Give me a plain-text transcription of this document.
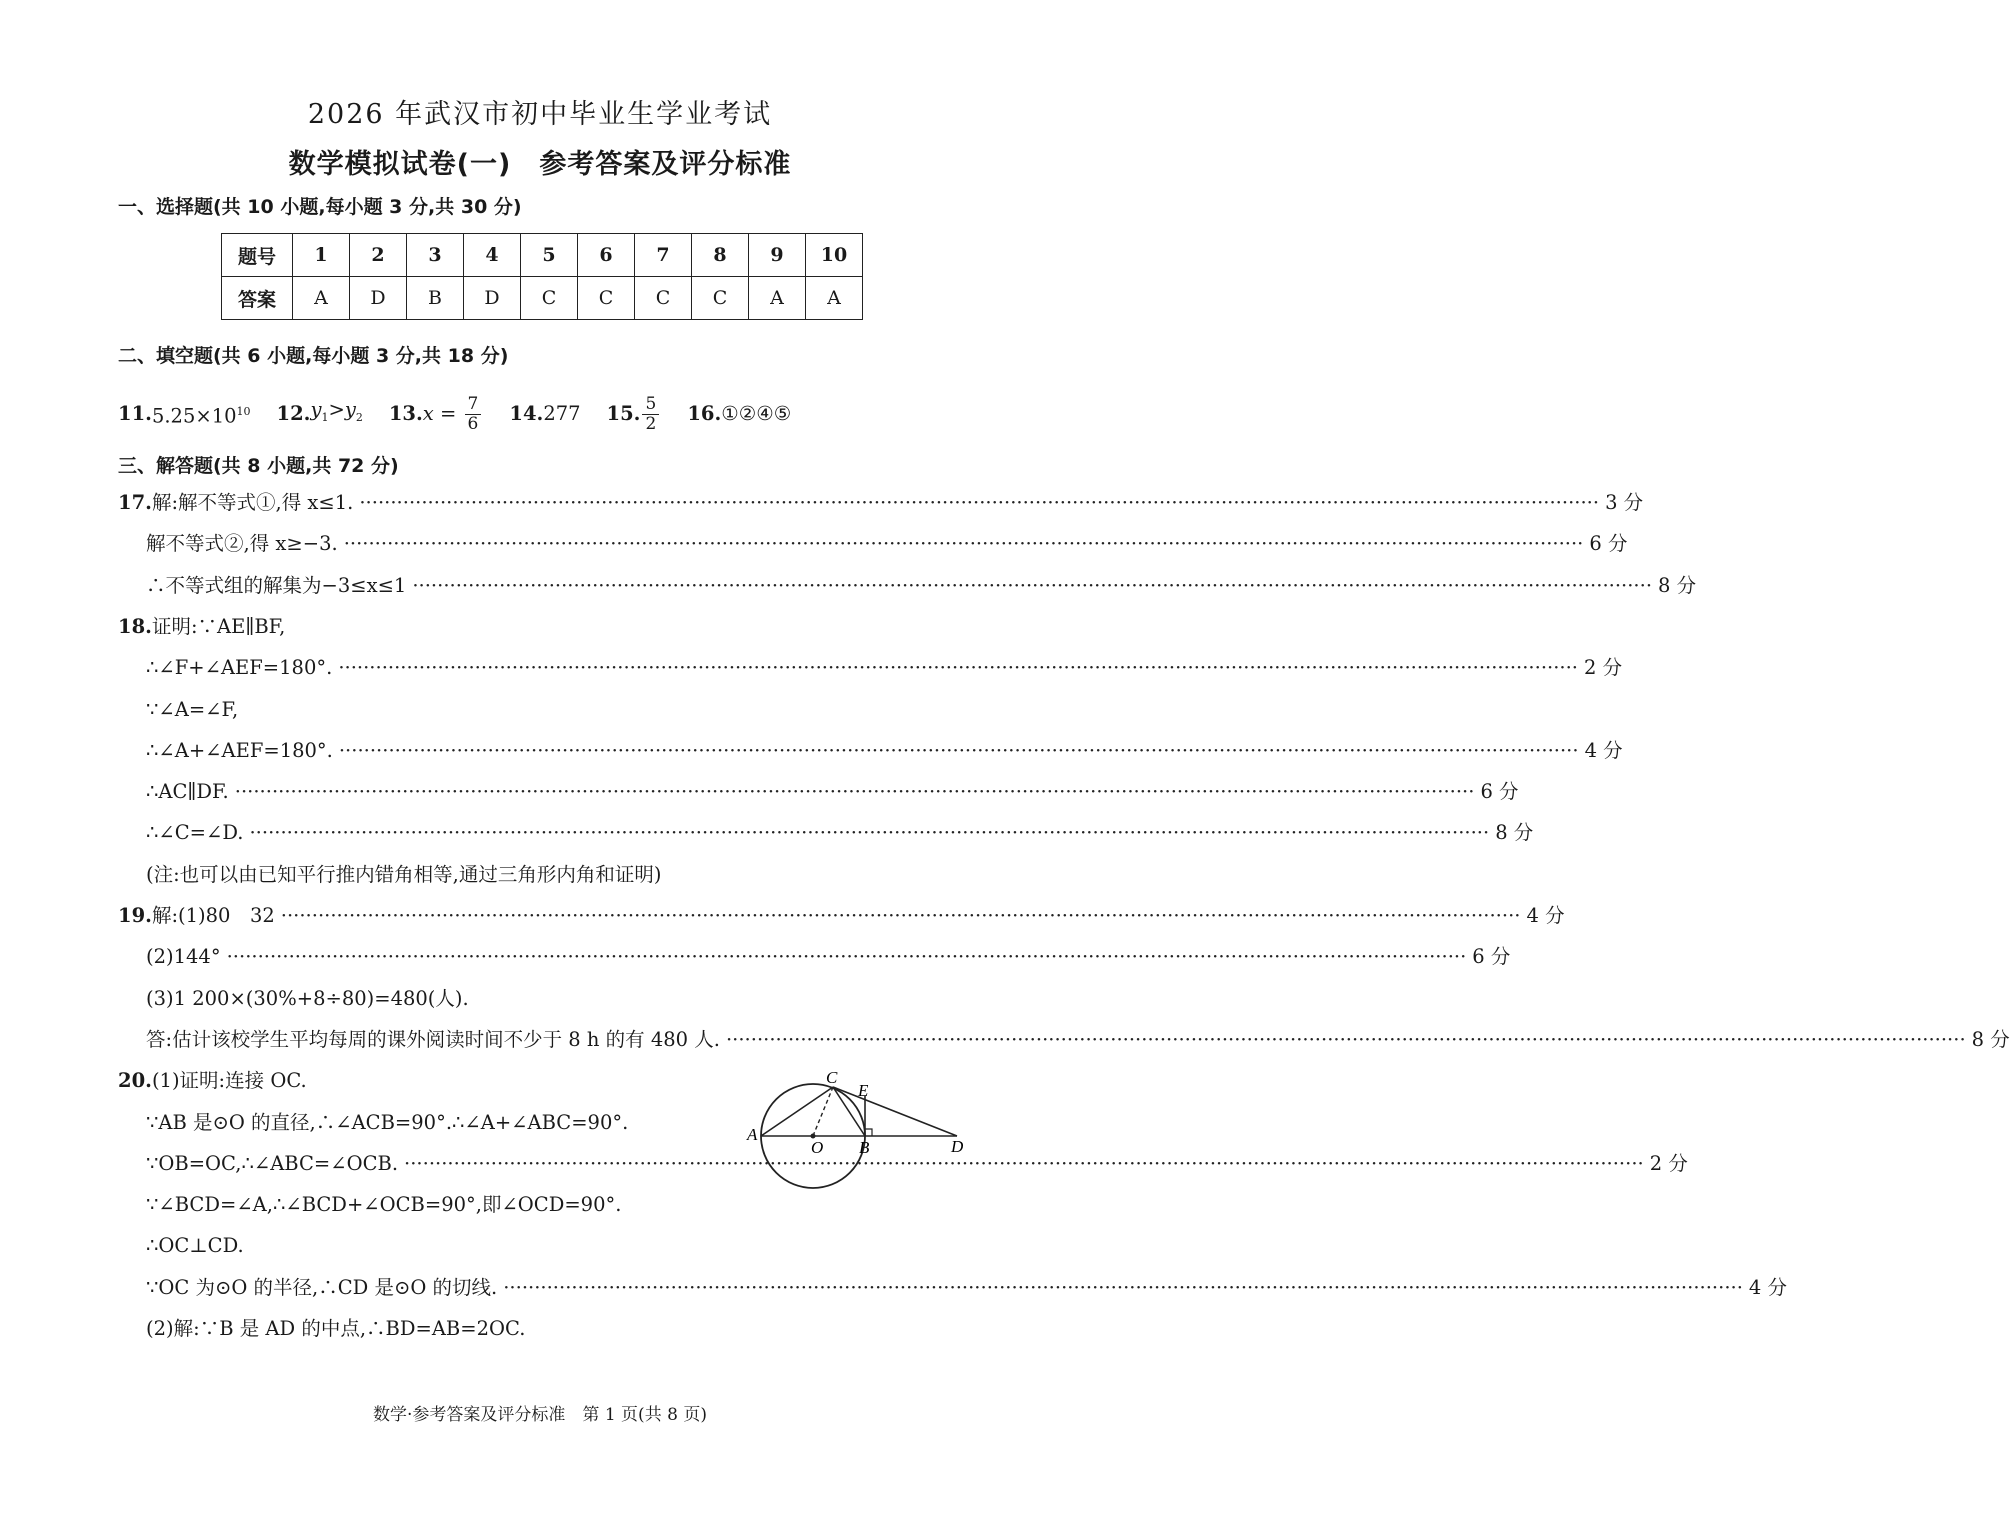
2026 年武汉市初中毕业生学业考试
数学模拟试卷(一)　参考答案及评分标准
一、选择题(共 10 小题,每小题 3 分,共 30 分)
题号	1	2	3	4	5	6	7	8	9	10
答案	A	D	B	D	C	C	C	C	A	A
二、填空题(共 6 小题,每小题 3 分,共 18 分)
11. $5.25\times 10^{10}$ 12. $y_1>y_2$ 13. $x = \frac{7}{6} 14$. 277 15. $\frac{5}{2} 16$. ①②④⑤
三、解答题(共 8 小题,共 72 分)
17. 解:解不等式①,得 x≤1. ········································································································································································································ 3 分
解不等式②,得 x≥−3. ········································································································································································································ 6 分
∴不等式组的解集为−3≤x≤1 ········································································································································································································ 8 分
18. 证明:∵AE∥BF,
∴∠F+∠AEF=180°. ········································································································································································································ 2 分
∵∠A=∠F,
∴∠A+∠AEF=180°. ········································································································································································································ 4 分
∴AC∥DF. ········································································································································································································ 6 分
∴∠C=∠D. ········································································································································································································ 8 分
(注:也可以由已知平行推内错角相等,通过三角形内角和证明)
19. 解:(1)80　32 ········································································································································································································ 4 分
(2)144° ········································································································································································································ 6 分
(3)1 200×(30%+8÷80)=480(人).
答:估计该校学生平均每周的课外阅读时间不少于 8 h 的有 480 人. ········································································································································································································ 8 分
20. (1)证明:连接 OC.
∵AB 是⊙O 的直径,∴∠ACB=90°.∴∠A+∠ABC=90°.
∵OB=OC,∴∠ABC=∠OCB. ········································································································································································································ 2 分
∵∠BCD=∠A,∴∠BCD+∠OCB=90°,即∠OCD=90°.
∴OC⊥CD.
∵OC 为⊙O 的半径,∴CD 是⊙O 的切线. ········································································································································································································ 4 分
(2)解:∵B 是 AD 的中点,∴BD=AB=2OC.
A
O B
C
E
D
数学·参考答案及评分标准　第 1 页(共 8 页)
